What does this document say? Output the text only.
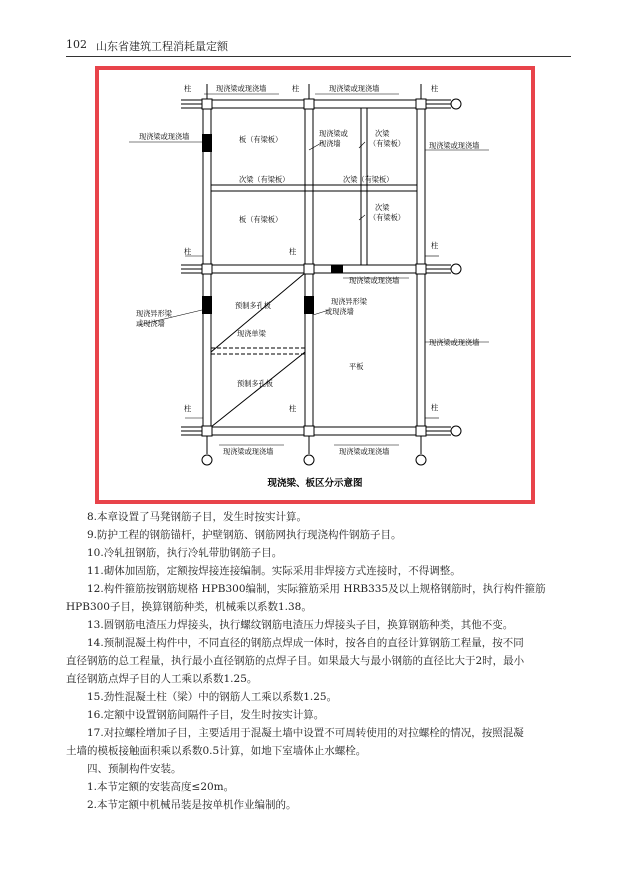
102 山东省建筑工程消耗量定额
柱	现浇梁或现浇墙	柱	现浇梁或现浇墙	柱
现浇梁或现浇墙	板（有梁板）
现浇梁或
现浇墙
次梁
（有梁板）	现浇梁或现浇墙
次梁（有梁板）	次梁（有梁板）
板（有梁板）
次梁
（有梁板）
柱	柱
柱
现浇梁或现浇墙
现浇异形梁
或现浇墙
预制多孔板	现浇异形梁
或现浇墙
现浇单梁
现浇梁或现浇墙
平板
预制多孔板
柱	柱	柱
现浇梁或现浇墙	现浇梁或现浇墙
现浇梁、板区分示意图

8.本章设置了马凳钢筋子目，发生时按实计算。

9.防护工程的钢筋锚杆，护壁钢筋、钢筋网执行现浇构件钢筋子目。

10.冷轧扭钢筋，执行冷轧带肋钢筋子目。

11.砌体加固筋，定额按焊接连接编制。实际采用非焊接方式连接时，不得调整。

12.构件箍筋按钢筋规格 HPB300编制，实际箍筋采用 HRB335及以上规格钢筋时，执行构件箍筋

HPB300子目，换算钢筋种类，机械乘以系数1.38。

13.圆钢筋电渣压力焊接头，执行螺纹钢筋电渣压力焊接头子目，换算钢筋种类，其他不变。

14.预制混凝土构件中，不同直径的钢筋点焊成一体时，按各自的直径计算钢筋工程量，按不同

直径钢筋的总工程量，执行最小直径钢筋的点焊子目。如果最大与最小钢筋的直径比大于2时，最小

直径钢筋点焊子目的人工乘以系数1.25。

15.劲性混凝土柱（梁）中的钢筋人工乘以系数1.25。

16.定额中设置钢筋间隔件子目，发生时按实计算。

17.对拉螺栓增加子目，主要适用于混凝土墙中设置不可周转使用的对拉螺栓的情况，按照混凝

土墙的模板接触面积乘以系数0.5计算，如地下室墙体止水螺栓。

四、预制构件安装。

1.本节定额的安装高度≤20m。

2.本节定额中机械吊装是按单机作业编制的。
